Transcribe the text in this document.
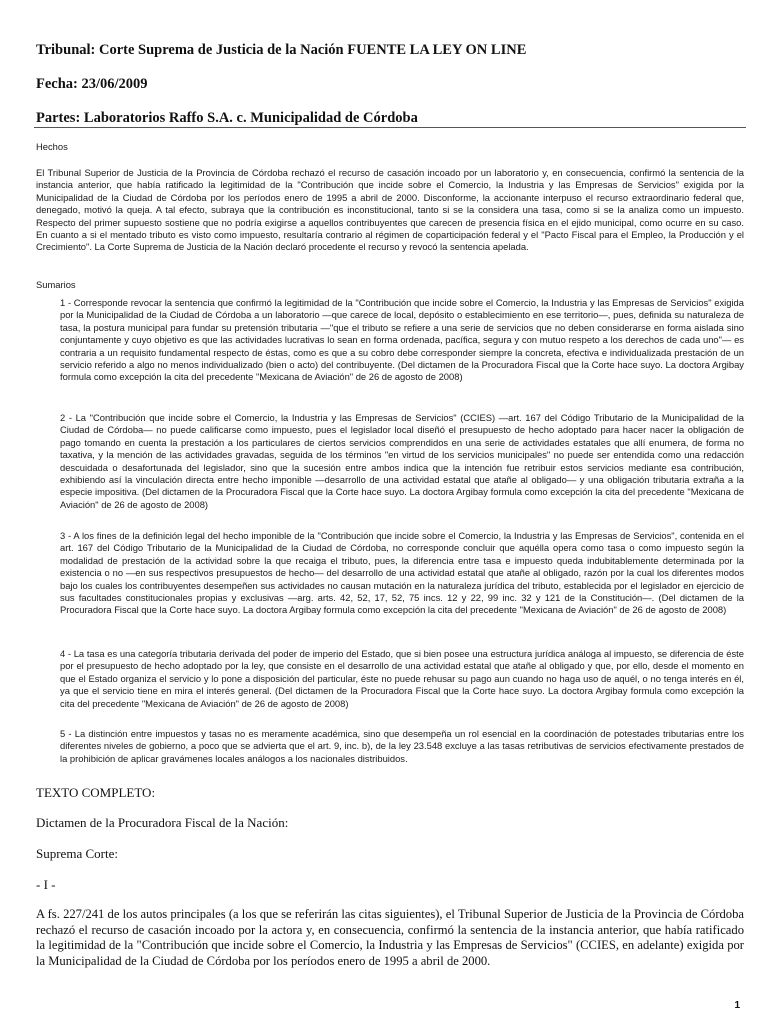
Tribunal: Corte Suprema de Justicia de la Nación FUENTE LA LEY ON LINE
Fecha: 23/06/2009
Partes: Laboratorios Raffo S.A. c. Municipalidad de Córdoba
Hechos
El Tribunal Superior de Justicia de la Provincia de Córdoba rechazó el recurso de casación incoado por un laboratorio y, en consecuencia, confirmó la sentencia de la instancia anterior, que había ratificado la legitimidad de la "Contribución que incide sobre el Comercio, la Industria y las Empresas de Servicios" exigida por la Municipalidad de la Ciudad de Córdoba por los períodos enero de 1995 a abril de 2000. Disconforme, la accionante interpuso el recurso extraordinario federal que, denegado, motivó la queja. A tal efecto, subraya que la contribución es inconstitucional, tanto si se la considera una tasa, como si se la analiza como un impuesto. Respecto del primer supuesto sostiene que no podría exigirse a aquellos contribuyentes que carecen de presencia física en el ejido municipal, como ocurre en su caso. En cuanto a si el mentado tributo es visto como impuesto, resultaría contrario al régimen de coparticipación federal y el "Pacto Fiscal para el Empleo, la Producción y el Crecimiento". La Corte Suprema de Justicia de la Nación declaró procedente el recurso y revocó la sentencia apelada.
Sumarios
1 - Corresponde revocar la sentencia que confirmó la legitimidad de la "Contribución que incide sobre el Comercio, la Industria y las Empresas de Servicios" exigida por la Municipalidad de la Ciudad de Córdoba a un laboratorio —que carece de local, depósito o establecimiento en ese territorio—, pues, definida su naturaleza de tasa, la postura municipal para fundar su pretensión tributaria —"que el tributo se refiere a una serie de servicios que no deben considerarse en forma aislada sino conjuntamente y cuyo objetivo es que las actividades lucrativas lo sean en forma ordenada, pacífica, segura y con mutuo respeto a los derechos de cada uno"— es contraria a un requisito fundamental respecto de éstas, como es que a su cobro debe corresponder siempre la concreta, efectiva e individualizada prestación de un servicio referido a algo no menos individualizado (bien o acto) del contribuyente. (Del dictamen de la Procuradora Fiscal que la Corte hace suyo. La doctora Argibay formula como excepción la cita del precedente "Mexicana de Aviación" de 26 de agosto de 2008)
2 - La "Contribución que incide sobre el Comercio, la Industria y las Empresas de Servicios" (CCIES) —art. 167 del Código Tributario de la Municipalidad de la Ciudad de Córdoba— no puede calificarse como impuesto, pues el legislador local diseñó el presupuesto de hecho adoptado para hacer nacer la obligación de pago tomando en cuenta la prestación a los particulares de ciertos servicios comprendidos en una serie de actividades estatales que allí enumera, de forma no taxativa, y la mención de las actividades gravadas, seguida de los términos "en virtud de los servicios municipales" no puede ser entendida como una redacción descuidada o desafortunada del legislador, sino que la sucesión entre ambos indica que la intención fue retribuir estos servicios mediante esa contribución, exhibiendo así la vinculación directa entre hecho imponible —desarrollo de una actividad estatal que atañe al obligado— y una obligación tributaria extraña a la especie impositiva. (Del dictamen de la Procuradora Fiscal que la Corte hace suyo. La doctora Argibay formula como excepción la cita del precedente "Mexicana de Aviación" de 26 de agosto de 2008)
3 - A los fines de la definición legal del hecho imponible de la "Contribución que incide sobre el Comercio, la Industria y las Empresas de Servicios", contenida en el art. 167 del Código Tributario de la Municipalidad de la Ciudad de Córdoba, no corresponde concluir que aquélla opera como tasa o como impuesto según la modalidad de prestación de la actividad sobre la que recaiga el tributo, pues, la diferencia entre tasa e impuesto queda indubitablemente determinada por la existencia o no —en sus respectivos presupuestos de hecho— del desarrollo de una actividad estatal que atañe al obligado, razón por la cual los diferentes modos bajo los cuales los contribuyentes desempeñen sus actividades no causan mutación en la naturaleza jurídica del tributo, establecida por el legislador en ejercicio de sus facultades constitucionales propias y exclusivas —arg. arts. 42, 52, 17, 52, 75 incs. 12 y 22, 99 inc. 32 y 121 de la Constitución—. (Del dictamen de la Procuradora Fiscal que la Corte hace suyo. La doctora Argibay formula como excepción la cita del precedente "Mexicana de Aviación" de 26 de agosto de 2008)
4 - La tasa es una categoría tributaria derivada del poder de imperio del Estado, que si bien posee una estructura jurídica análoga al impuesto, se diferencia de éste por el presupuesto de hecho adoptado por la ley, que consiste en el desarrollo de una actividad estatal que atañe al obligado y que, por ello, desde el momento en que el Estado organiza el servicio y lo pone a disposición del particular, éste no puede rehusar su pago aun cuando no haga uso de aquél, o no tenga interés en él, ya que el servicio tiene en mira el interés general. (Del dictamen de la Procuradora Fiscal que la Corte hace suyo. La doctora Argibay formula como excepción la cita del precedente "Mexicana de Aviación" de 26 de agosto de 2008)
5 - La distinción entre impuestos y tasas no es meramente académica, sino que desempeña un rol esencial en la coordinación de potestades tributarias entre los diferentes niveles de gobierno, a poco que se advierta que el art. 9, inc. b), de la ley 23.548 excluye a las tasas retributivas de servicios efectivamente prestados de la prohibición de aplicar gravámenes locales análogos a los nacionales distribuidos.
TEXTO COMPLETO:
Dictamen de la Procuradora Fiscal de la Nación:
Suprema Corte:
- I -
A fs. 227/241 de los autos principales (a los que se referirán las citas siguientes), el Tribunal Superior de Justicia de la Provincia de Córdoba rechazó el recurso de casación incoado por la actora y, en consecuencia, confirmó la sentencia de la instancia anterior, que había ratificado la legitimidad de la "Contribución que incide sobre el Comercio, la Industria y las Empresas de Servicios" (CCIES, en adelante) exigida por la Municipalidad de la Ciudad de Córdoba por los períodos enero de 1995 a abril de 2000.
1
